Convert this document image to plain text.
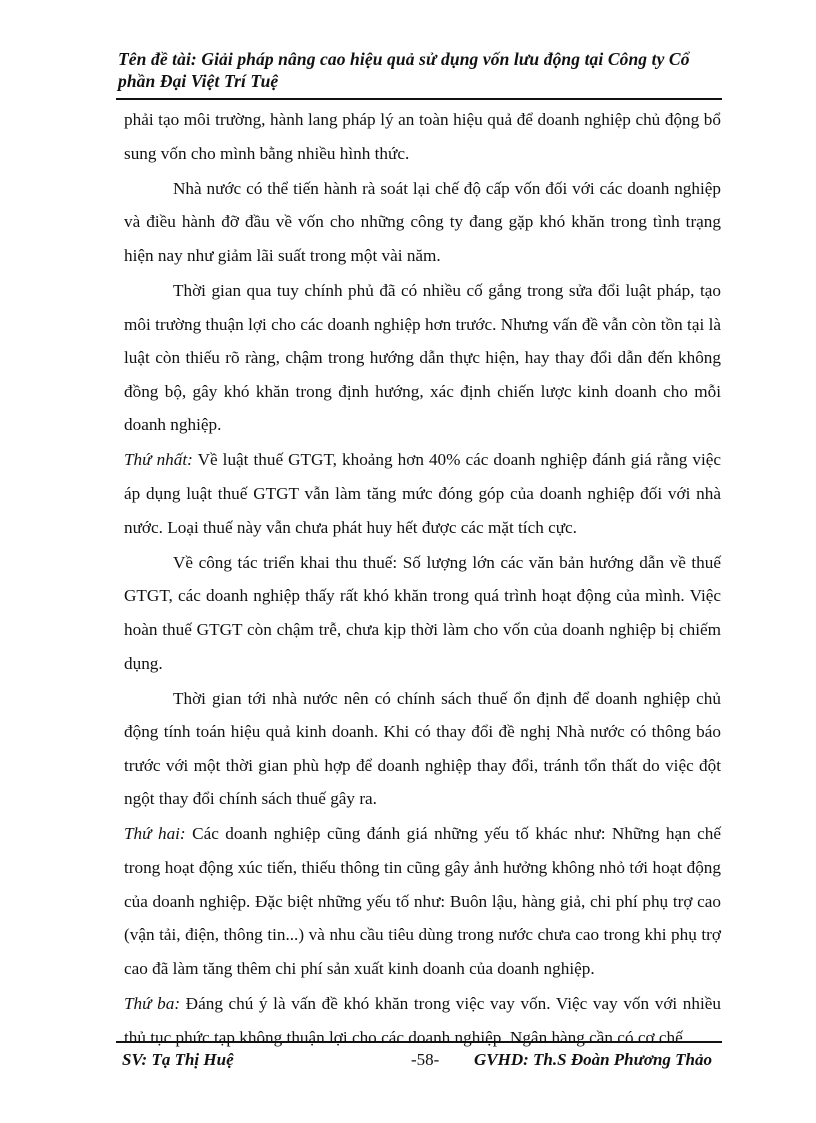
Tên đề tài: Giải pháp nâng cao hiệu quả sử dụng vốn lưu động tại Công ty Cổ phần Đại Việt Trí Tuệ

phải tạo môi trường, hành lang pháp lý an toàn hiệu quả để doanh nghiệp chủ động bổ sung vốn cho mình bằng nhiều hình thức.

Nhà nước có thể tiến hành rà soát lại chế độ cấp vốn đối với các doanh nghiệp và điều hành đỡ đầu về vốn cho những công ty đang gặp khó khăn trong tình trạng hiện nay như giảm lãi suất trong một vài năm.

Thời gian qua tuy chính phủ đã có nhiều cố gắng trong sửa đổi luật pháp, tạo môi trường thuận lợi cho các doanh nghiệp hơn trước. Nhưng vấn đề vẫn còn tồn tại là luật còn thiếu rõ ràng, chậm trong hướng dẫn thực hiện, hay thay đổi dẫn đến không đồng bộ, gây khó khăn trong định hướng, xác định chiến lược kinh doanh cho mỗi doanh nghiệp.

Thứ nhất: Về luật thuế GTGT, khoảng hơn 40% các doanh nghiệp đánh giá rằng việc áp dụng luật thuế GTGT vẫn làm tăng mức đóng góp của doanh nghiệp đối với nhà nước. Loại thuế này vẫn chưa phát huy hết được các mặt tích cực.

Về công tác triển khai thu thuế: Số lượng lớn các văn bản hướng dẫn về thuế GTGT, các doanh nghiệp thấy rất khó khăn trong quá trình hoạt động của mình. Việc hoàn thuế GTGT còn chậm trễ, chưa kịp thời làm cho vốn của doanh nghiệp bị chiếm dụng.

Thời gian tới nhà nước nên có chính sách thuế ổn định để doanh nghiệp chủ động tính toán hiệu quả kinh doanh. Khi có thay đổi đề nghị Nhà nước có thông báo trước với một thời gian phù hợp để doanh nghiệp thay đổi, tránh tổn thất do việc đột ngột thay đổi chính sách thuế gây ra.

Thứ hai: Các doanh nghiệp cũng đánh giá những yếu tố khác như: Những hạn chế trong hoạt động xúc tiến, thiếu thông tin cũng gây ảnh hưởng không nhỏ tới hoạt động của doanh nghiệp. Đặc biệt những yếu tố như: Buôn lậu, hàng giả, chi phí phụ trợ cao (vận tải, điện, thông tin...) và nhu cầu tiêu dùng trong nước chưa cao trong khi phụ trợ cao đã làm tăng thêm chi phí sản xuất kinh doanh của doanh nghiệp.

Thứ ba: Đáng chú ý là vấn đề khó khăn trong việc vay vốn. Việc vay vốn với nhiều thủ tục phức tạp không thuận lợi cho các doanh nghiệp. Ngân hàng cần có cơ chế

SV: Tạ Thị Huệ	-58- GVHD: Th.S Đoàn Phương Thảo
